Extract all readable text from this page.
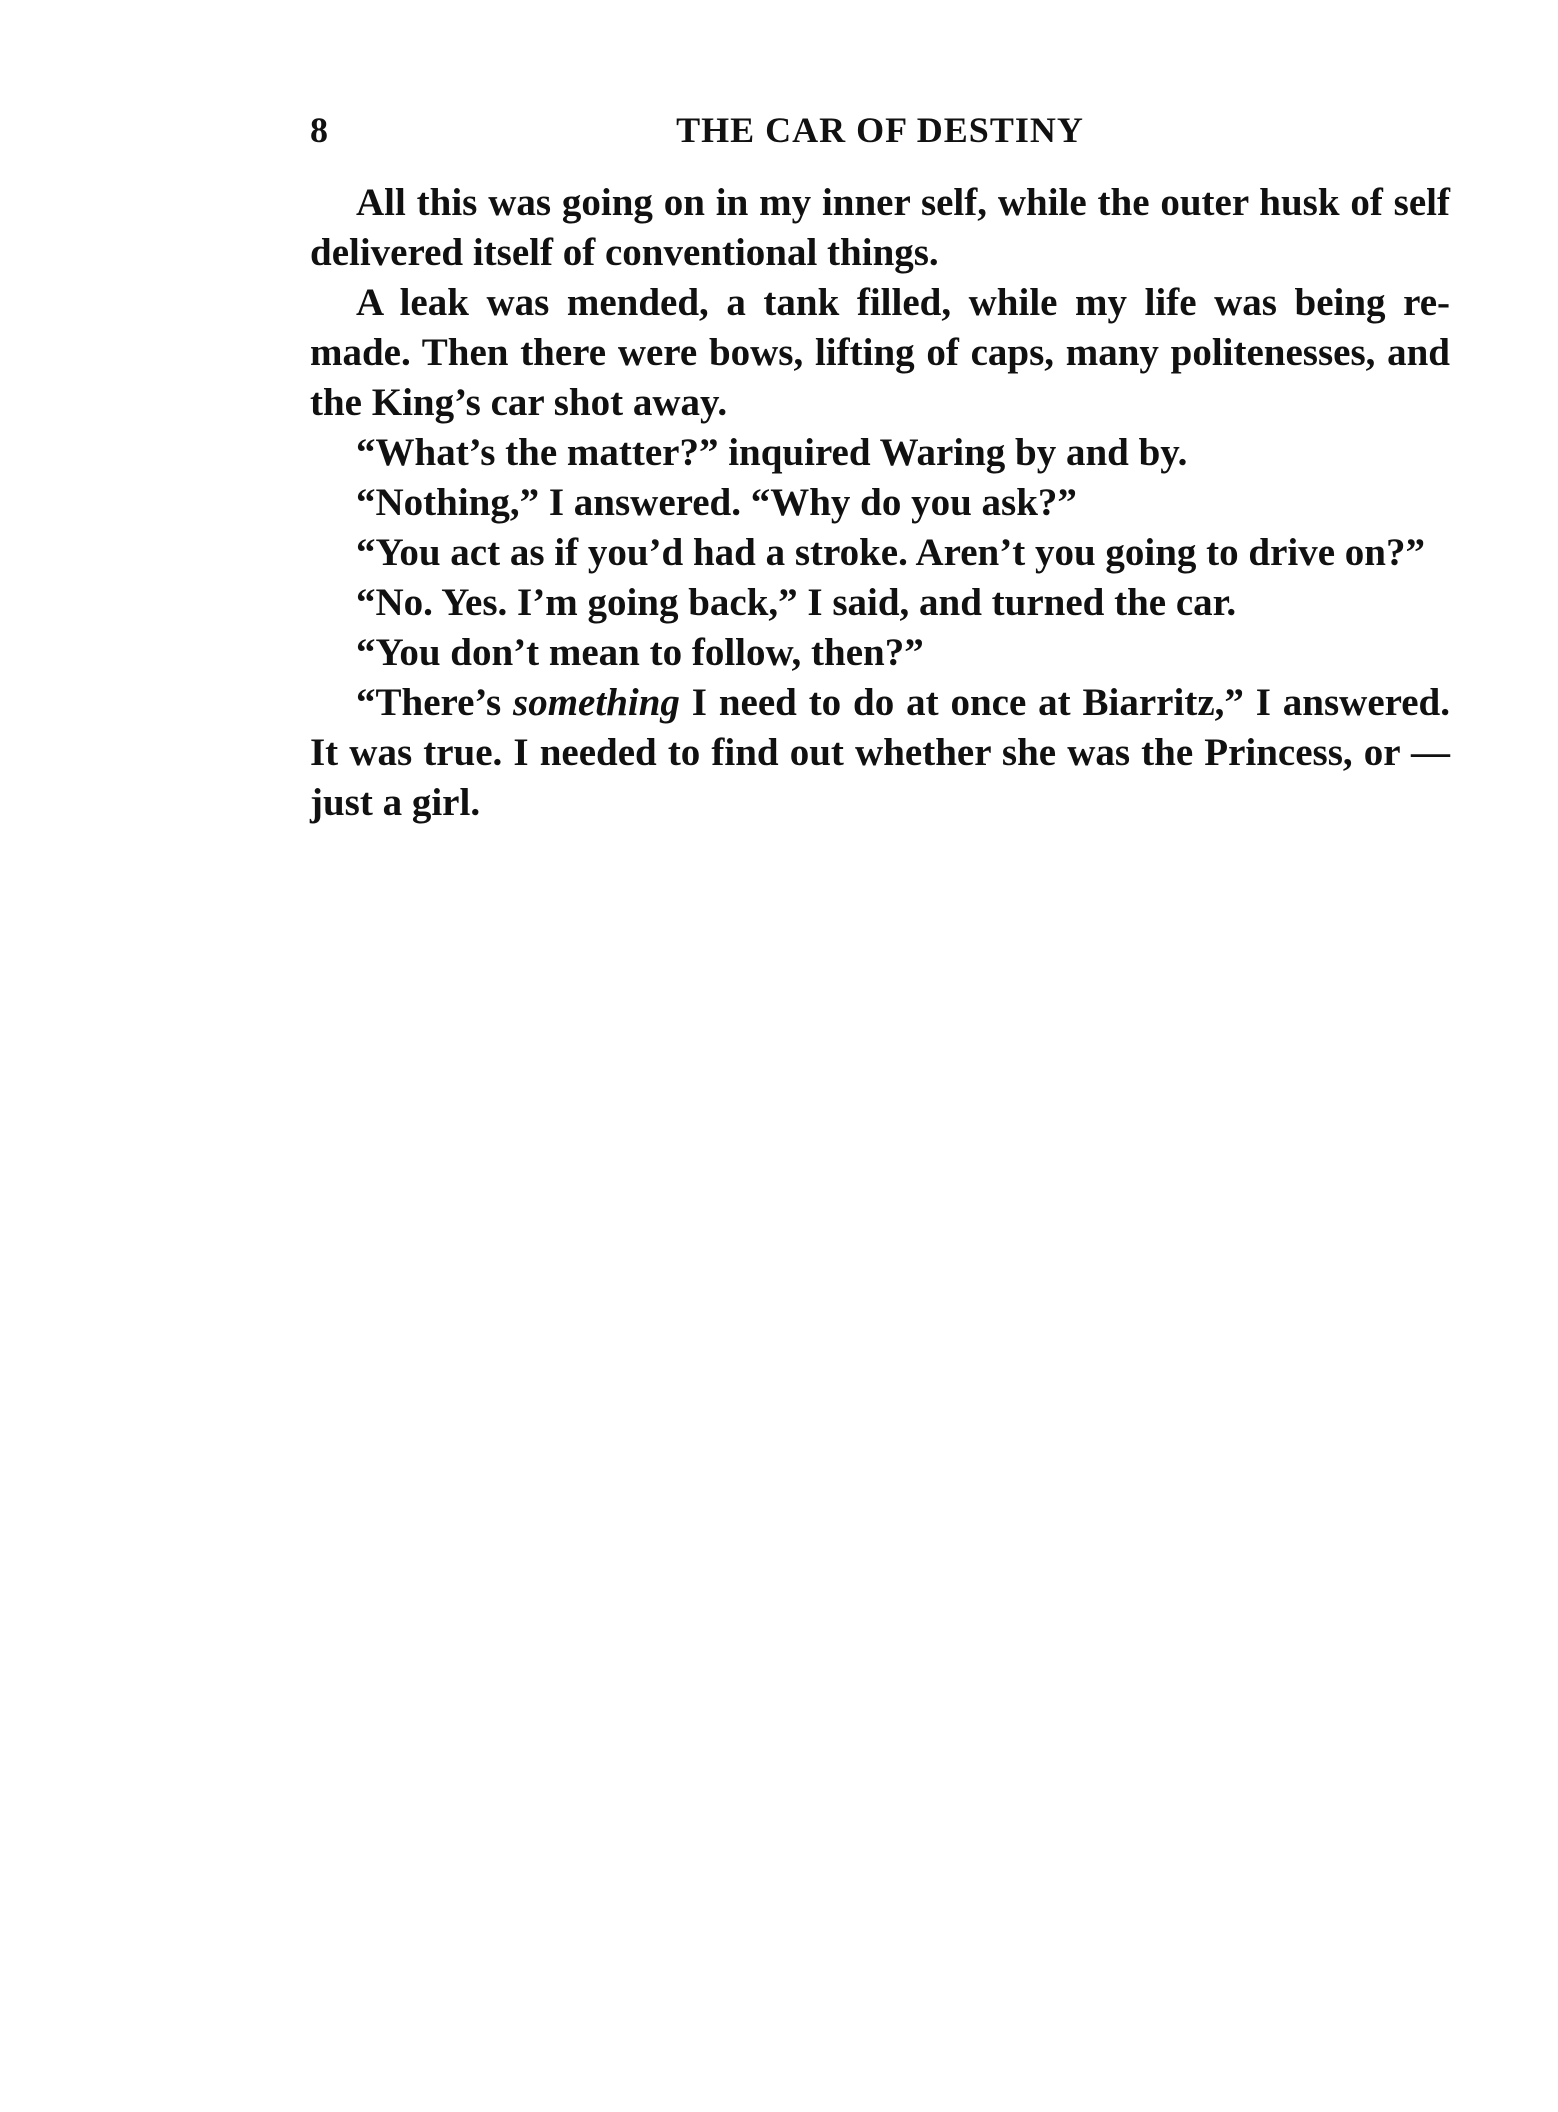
8	THE CAR OF DESTINY

All this was going on in my inner self, while the outer husk of self delivered itself of conventional things.

A leak was mended, a tank filled, while my life was being re-made. Then there were bows, lifting of caps, many politenesses, and the King’s car shot away.

“What’s the matter?” inquired Waring by and by.

“Nothing,” I answered. “Why do you ask?”

“You act as if you’d had a stroke. Aren’t you going to drive on?”

“No. Yes. I’m going back,” I said, and turned the car.

“You don’t mean to follow, then?”

“There’s something I need to do at once at Biarritz,” I answered. It was true. I needed to find out whether she was the Princess, or — just a girl.
